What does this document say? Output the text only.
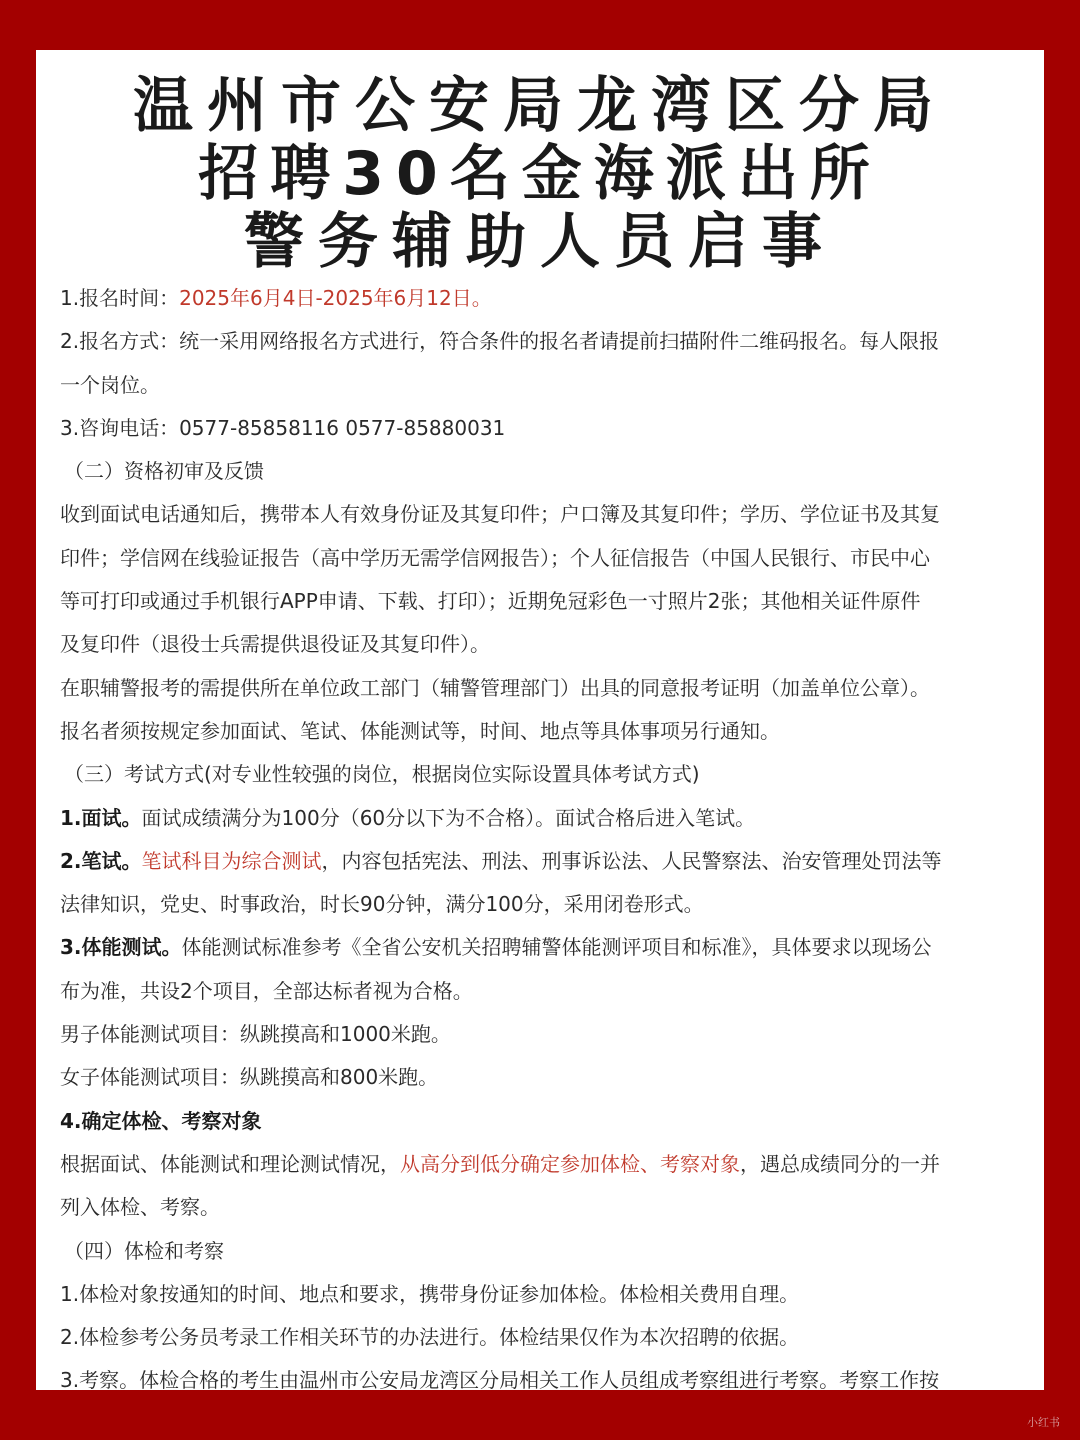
温州市公安局龙湾区分局
招聘30名金海派出所
警务辅助人员启事
1.报名时间：2025年6月4日-2025年6月12日。
2.报名方式：统一采用网络报名方式进行，符合条件的报名者请提前扫描附件二维码报名。每人限报
一个岗位。
3.咨询电话：0577-85858116 0577-85880031
（二）资格初审及反馈
收到面试电话通知后，携带本人有效身份证及其复印件；户口簿及其复印件；学历、学位证书及其复
印件；学信网在线验证报告（高中学历无需学信网报告）；个人征信报告（中国人民银行、市民中心
等可打印或通过手机银行APP申请、下载、打印）；近期免冠彩色一寸照片2张；其他相关证件原件
及复印件（退役士兵需提供退役证及其复印件）。
在职辅警报考的需提供所在单位政工部门（辅警管理部门）出具的同意报考证明（加盖单位公章）。
报名者须按规定参加面试、笔试、体能测试等，时间、地点等具体事项另行通知。
（三）考试方式(对专业性较强的岗位，根据岗位实际设置具体考试方式)
1.面试。面试成绩满分为100分（60分以下为不合格）。面试合格后进入笔试。
2.笔试。笔试科目为综合测试，内容包括宪法、刑法、刑事诉讼法、人民警察法、治安管理处罚法等
法律知识，党史、时事政治，时长90分钟，满分100分，采用闭卷形式。
3.体能测试。体能测试标准参考《全省公安机关招聘辅警体能测评项目和标准》，具体要求以现场公
布为准，共设2个项目，全部达标者视为合格。
男子体能测试项目：纵跳摸高和1000米跑。
女子体能测试项目：纵跳摸高和800米跑。
4.确定体检、考察对象
根据面试、体能测试和理论测试情况，从高分到低分确定参加体检、考察对象，遇总成绩同分的一并
列入体检、考察。
（四）体检和考察
1.体检对象按通知的时间、地点和要求，携带身份证参加体检。体检相关费用自理。
2.体检参考公务员考录工作相关环节的办法进行。体检结果仅作为本次招聘的依据。
3.考察。体检合格的考生由温州市公安局龙湾区分局相关工作人员组成考察组进行考察。考察工作按
小红书
